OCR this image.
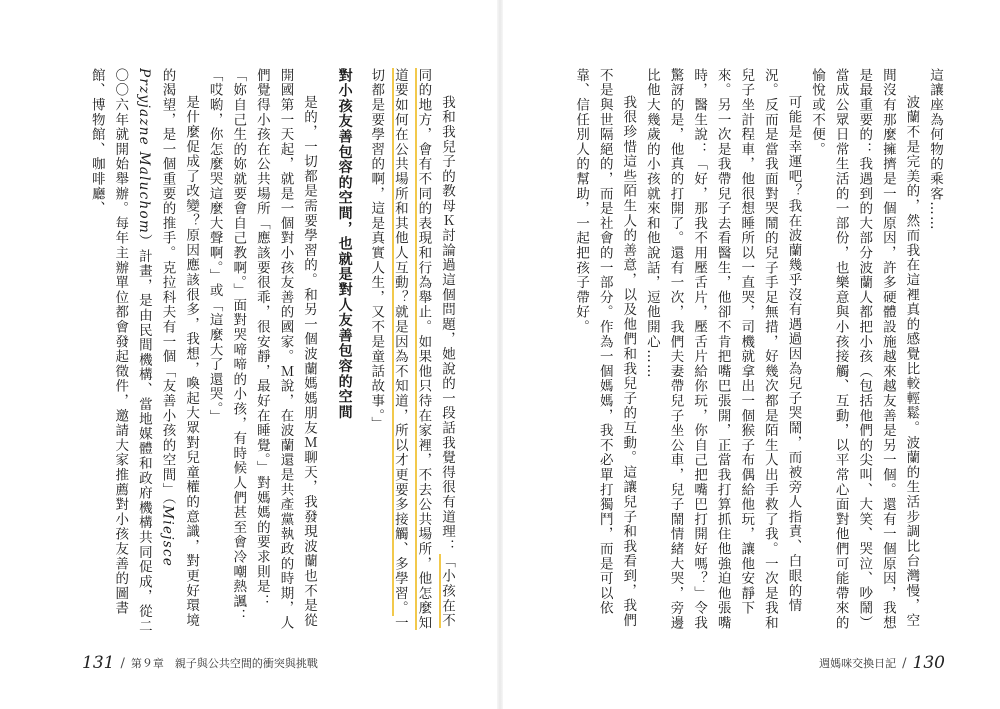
我和我兒子的教母Ｋ討論過這個問題，她說的一段話我覺得很有道理：「小孩在不同的地方，會有不同的表現和行為舉止。如果他只待在家裡，不去公共場所，他怎麼知道要如何在公共場所和其他人互動？就是因為不知道，所以才更要多接觸、多學習。一切都是要學習的啊，這是真實人生，又不是童話故事。」

對小孩友善包容的空間，也就是對人友善包容的空間

是的，一切都是需要學習的。和另一個波蘭媽媽朋友Ｍ聊天，我發現波蘭也不是從開國第一天起，就是一個對小孩友善的國家。Ｍ說，在波蘭還是共產黨執政的時期，人們覺得小孩在公共場所「應該要很乖，很安靜，最好在睡覺。」對媽媽的要求則是：「妳自己生的妳就要會自己教啊。」面對哭啼啼的小孩，有時候人們甚至會冷嘲熱諷：「哎喲，你怎麼哭這麼大聲啊。」或「這麼大了還哭。」

是什麼促成了改變？原因應該很多，我想，喚起大眾對兒童權的意識，對更好環境的渴望，是一個重要的推手。克拉科夫有一個「友善小孩的空間」（Miejsce Przyjazne Maluchom）計畫，是由民間機構、當地媒體和政府機構共同促成，從二〇〇六年就開始舉辦。每年主辦單位都會發起徵件，邀請大家推薦對小孩友善的圖書館、博物館、咖啡廳、

131 / 第９章　親子與公共空間的衝突與挑戰

這讓座為何物的乘客……

波蘭不是完美的，然而我在這裡真的感覺比較輕鬆。波蘭的生活步調比台灣慢，空間沒有那麼擁擠是一個原因，許多硬體設施越來越友善是另一個。還有一個原因，我想是最重要的：我遇到的大部分波蘭人都把小孩（包括他們的尖叫、大笑、哭泣、吵鬧）當成公眾日常生活的一部份，也樂意與小孩接觸、互動，以平常心面對他們可能帶來的愉悅或不便。

可能是幸運吧？我在波蘭幾乎沒有遇過因為兒子哭鬧，而被旁人指責、白眼的情況。反而是當我面對哭鬧的兒子手足無措，好幾次都是陌生人出手救了我。一次是我和兒子坐計程車，他很想睡所以一直哭，司機就拿出一個猴子布偶給他玩，讓他安靜下來。另一次是我帶兒子去看醫生，他卻不肯把嘴巴張開，正當我打算抓住他強迫他張嘴時，醫生說：「好，那我不用壓舌片，壓舌片給你玩，你自己把嘴巴打開好嗎？」令我驚訝的是，他真的打開了。還有一次，我們夫妻帶兒子坐公車，兒子鬧情緒大哭，旁邊比他大幾歲的小孩就來和他說話，逗他開心……

我很珍惜這些陌生人的善意，以及他們和我兒子的互動。這讓兒子和我看到，我們不是與世隔絕的，而是社會的一部分。作為一個媽媽，我不必單打獨鬥，而是可以依靠、信任別人的幫助，一起把孩子帶好。

週媽咪交換日記 / 130
